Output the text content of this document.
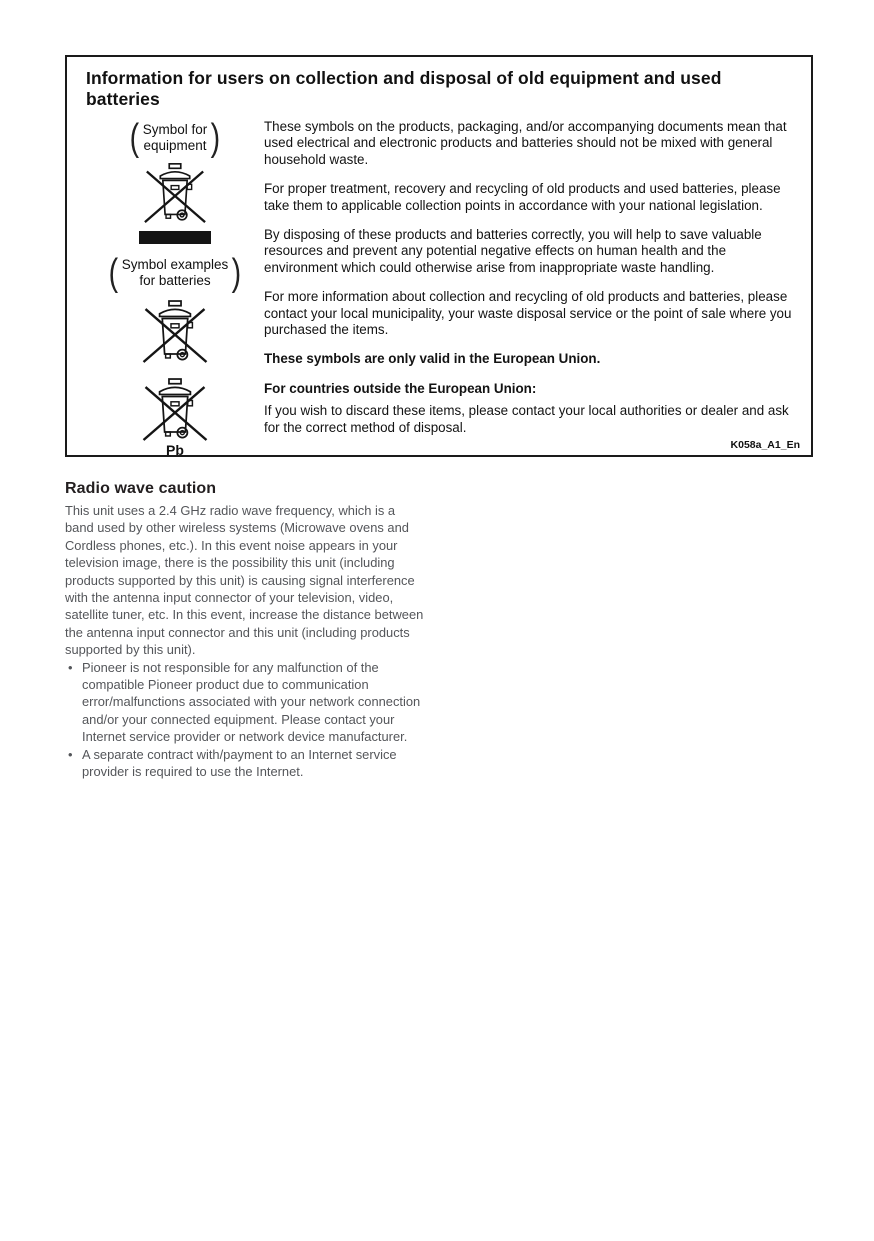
Information for users on collection and disposal of old equipment and used batteries
( Symbol for
equipment )
( Symbol examples
for batteries )
Pb

These symbols on the products, packaging, and/or accompanying documents mean that used electrical and electronic products and batteries should not be mixed with general household waste.

For proper treatment, recovery and recycling of old products and used batteries, please take them to applicable collection points in accordance with your national legislation.

By disposing of these products and batteries correctly, you will help to save valuable resources and prevent any potential negative effects on human health and the environment which could otherwise arise from inappropriate waste handling.

For more information about collection and recycling of old products and batteries, please contact your local municipality, your waste disposal service or the point of sale where you purchased the items.

These symbols are only valid in the European Union.

For countries outside the European Union:

If you wish to discard these items, please contact your local authorities or dealer and ask for the correct method of disposal.

K058a_A1_En
Radio wave caution

This unit uses a 2.4 GHz radio wave frequency, which is a band used by other wireless systems (Microwave ovens and Cordless phones, etc.). In this event noise appears in your television image, there is the possibility this unit (including products supported by this unit) is causing signal interference with the antenna input connector of your television, video, satellite tuner, etc. In this event, increase the distance between the antenna input connector and this unit (including products supported by this unit).

• Pioneer is not responsible for any malfunction of the compatible Pioneer product due to communication error/malfunctions associated with your network connection and/or your connected equipment. Please contact your Internet service provider or network device manufacturer.
• A separate contract with/payment to an Internet service provider is required to use the Internet.
